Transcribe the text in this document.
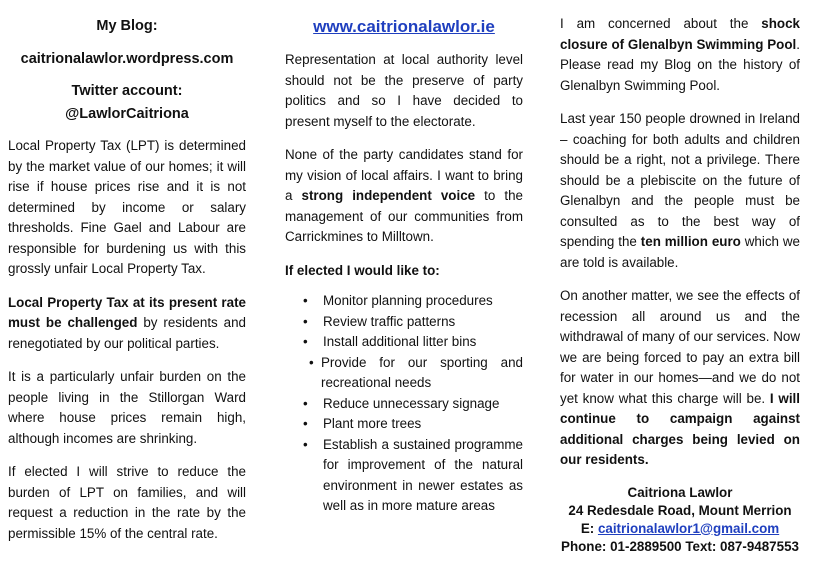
My Blog:
caitrionalawlor.wordpress.com
Twitter account:
@LawlorCaitriona

Local Property Tax (LPT) is determined by the market value of our homes; it will rise if house prices rise and it is not determined by income or salary thresholds. Fine Gael and Labour are responsible for burdening us with this grossly unfair Local Property Tax.

Local Property Tax at its present rate must be challenged by residents and renegotiated by our political parties.

It is a particularly unfair burden on the people living in the Stillorgan Ward where house prices remain high, although incomes are shrinking.

If elected I will strive to reduce the burden of LPT on families, and will request a reduction in the rate by the permissible 15% of the central rate.

www.caitrionalawlor.ie

Representation at local authority level should not be the preserve of party politics and so I have decided to present myself to the electorate.

None of the party candidates stand for my vision of local affairs. I want to bring a strong independent voice to the management of our communities from Carrickmines to Milltown.

If elected I would like to:
• Monitor planning procedures
• Review traffic patterns
• Install additional litter bins
• Provide for our sporting and recreational needs
• Reduce unnecessary signage
• Plant more trees
• Establish a sustained programme for improvement of the natural environment in newer estates as well as in more mature areas

I am concerned about the shock closure of Glenalbyn Swimming Pool. Please read my Blog on the history of Glenalbyn Swimming Pool.

Last year 150 people drowned in Ireland – coaching for both adults and children should be a right, not a privilege. There should be a plebiscite on the future of Glenalbyn and the people must be consulted as to the best way of spending the ten million euro which we are told is available.

On another matter, we see the effects of recession all around us and the withdrawal of many of our services. Now we are being forced to pay an extra bill for water in our homes—and we do not yet know what this charge will be. I will continue to campaign against additional charges being levied on our residents.

Caitriona Lawlor
24 Redesdale Road, Mount Merrion
E: caitrionalawlor1@gmail.com
Phone: 01-2889500 Text: 087-9487553
